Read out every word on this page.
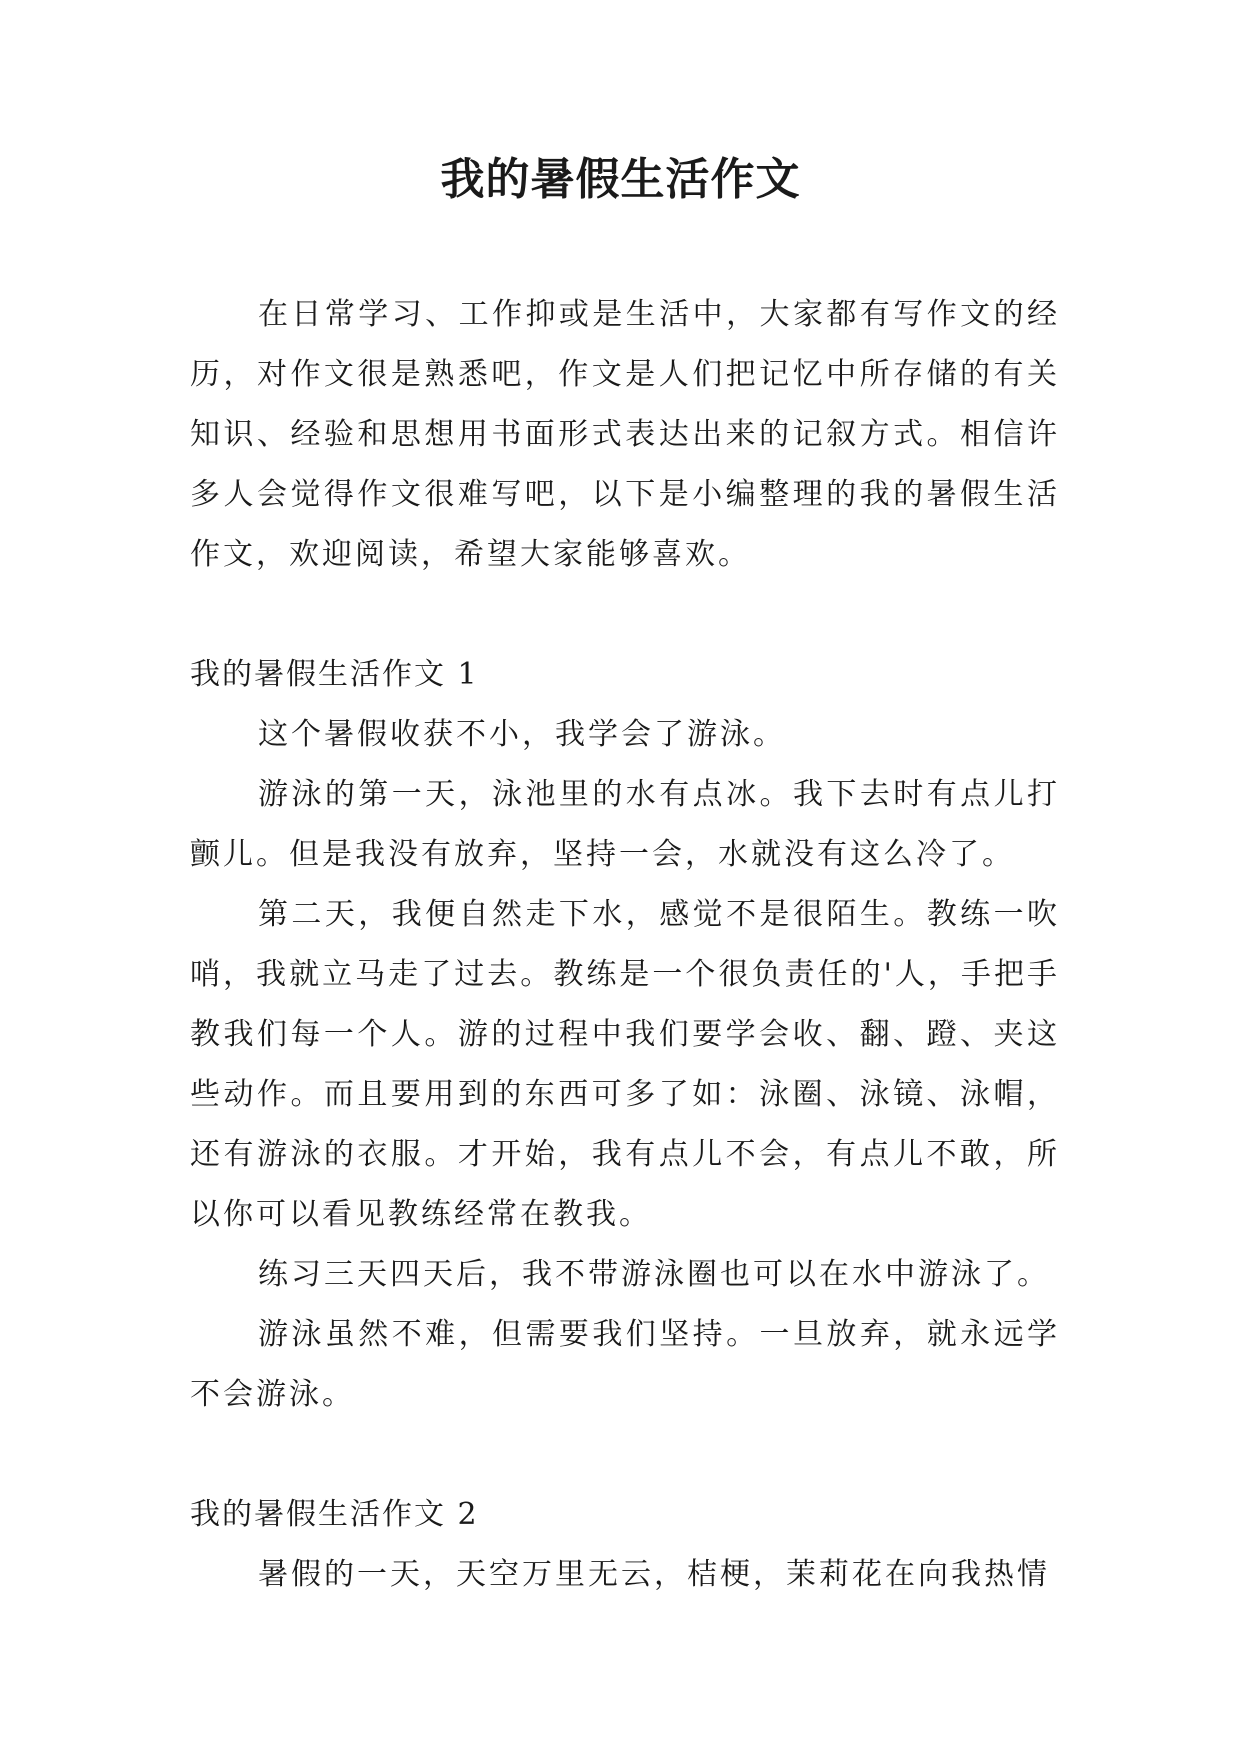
我的暑假生活作文

在日常学习、工作抑或是生活中，大家都有写作文的经历，对作文很是熟悉吧，作文是人们把记忆中所存储的有关知识、经验和思想用书面形式表达出来的记叙方式。相信许多人会觉得作文很难写吧，以下是小编整理的我的暑假生活作文，欢迎阅读，希望大家能够喜欢。

我的暑假生活作文 1

这个暑假收获不小，我学会了游泳。

游泳的第一天，泳池里的水有点冰。我下去时有点儿打颤儿。但是我没有放弃，坚持一会，水就没有这么冷了。

第二天，我便自然走下水，感觉不是很陌生。教练一吹哨，我就立马走了过去。教练是一个很负责任的'人，手把手教我们每一个人。游的过程中我们要学会收、翻、蹬、夹这些动作。而且要用到的东西可多了如：泳圈、泳镜、泳帽，还有游泳的衣服。才开始，我有点儿不会，有点儿不敢，所以你可以看见教练经常在教我。

练习三天四天后，我不带游泳圈也可以在水中游泳了。

游泳虽然不难，但需要我们坚持。一旦放弃，就永远学不会游泳。

我的暑假生活作文 2

暑假的一天，天空万里无云，桔梗，茉莉花在向我热情
